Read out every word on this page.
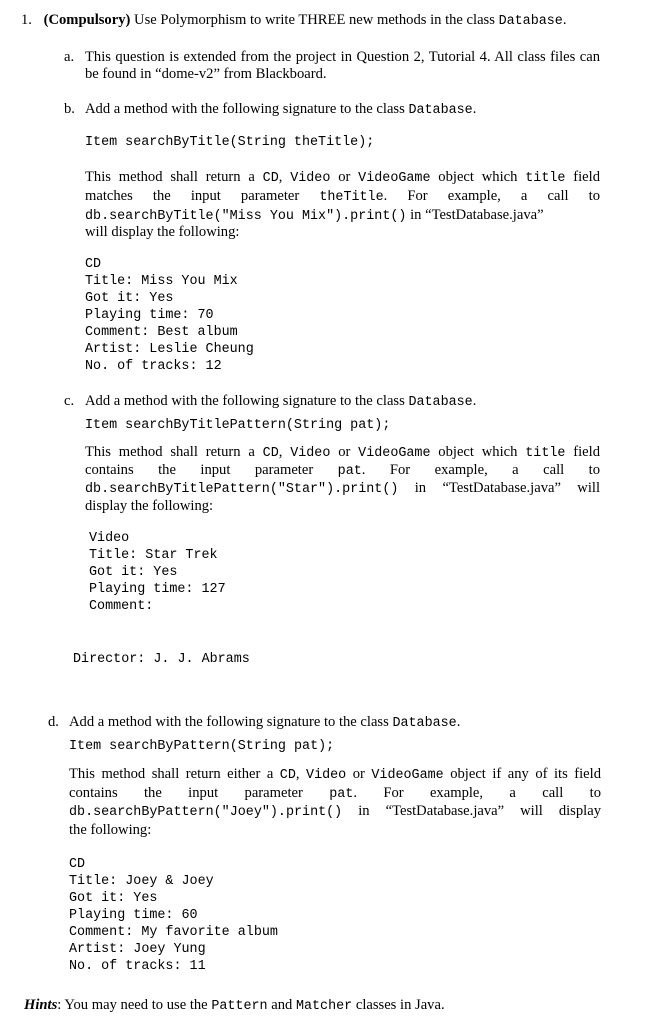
1. (Compulsory) Use Polymorphism to write THREE new methods in the class Database.
a. This question is extended from the project in Question 2, Tutorial 4. All class files can
be found in “dome-v2” from Blackboard.
b. Add a method with the following signature to the class Database.
Item searchByTitle(String theTitle);
This method shall return a CD, Video or VideoGame object which title field
matches the input parameter theTitle. For example, a call to
db.searchByTitle("Miss You Mix").print() in “TestDatabase.java”
will display the following:
CD
Title: Miss You Mix
Got it: Yes
Playing time: 70
Comment: Best album
Artist: Leslie Cheung
No. of tracks: 12
c. Add a method with the following signature to the class Database.
Item searchByTitlePattern(String pat);
This method shall return a CD, Video or VideoGame object which title field
contains the input parameter pat. For example, a call to
db.searchByTitlePattern("Star").print() in “TestDatabase.java” will
display the following:
Video
Title: Star Trek
Got it: Yes
Playing time: 127
Comment:
Director: J. J. Abrams
d. Add a method with the following signature to the class Database.
Item searchByPattern(String pat);
This method shall return either a CD, Video or VideoGame object if any of its field
contains the input parameter pat. For example, a call to
db.searchByPattern("Joey").print() in “TestDatabase.java” will display
the following:
CD
Title: Joey & Joey
Got it: Yes
Playing time: 60
Comment: My favorite album
Artist: Joey Yung
No. of tracks: 11
Hints: You may need to use the Pattern and Matcher classes in Java.
